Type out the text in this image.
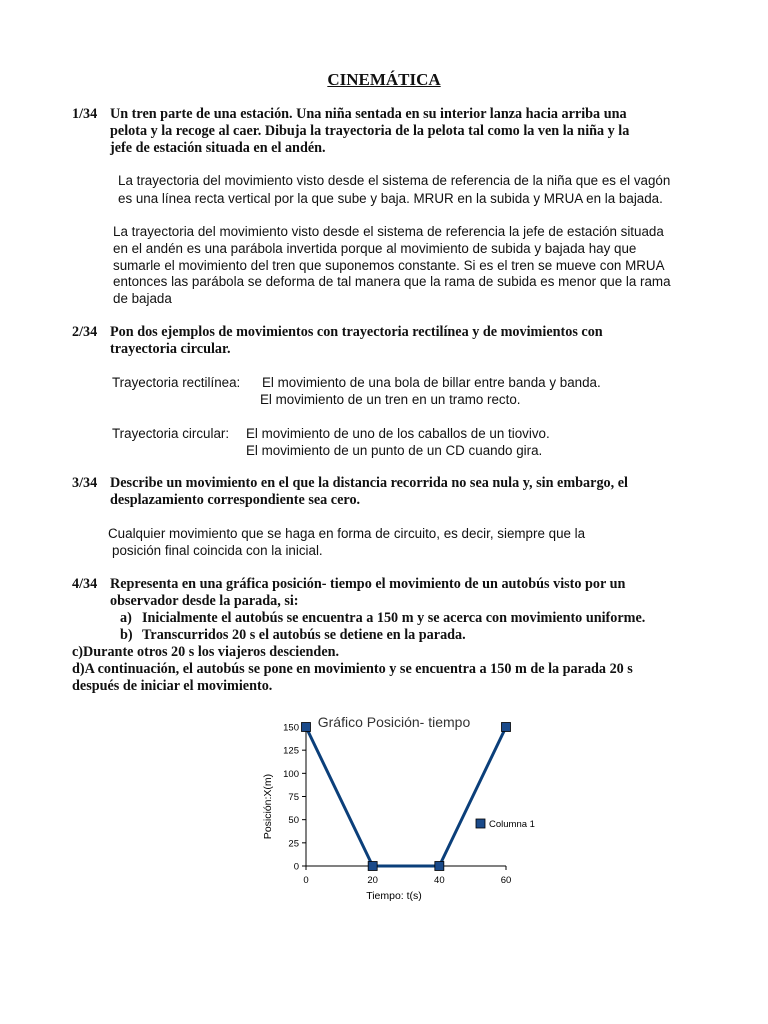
CINEMÁTICA
1/34 Un tren parte de una estación. Una niña sentada en su interior lanza hacia arriba una
pelota y la recoge al caer. Dibuja la trayectoria de la pelota tal como la ven la niña y la
jefe de estación situada en el andén.
La trayectoria del movimiento visto desde el sistema de referencia de la niña que es el vagón
es una línea recta vertical por la que sube y baja. MRUR en la subida y MRUA en la bajada.
La trayectoria del movimiento visto desde el sistema de referencia la jefe de estación situada
en el andén es una parábola invertida porque al movimiento de subida y bajada hay que
sumarle el movimiento del tren que suponemos constante. Si es el tren se mueve con MRUA
entonces las parábola se deforma de tal manera que la rama de subida es menor que la rama
de bajada
2/34 Pon dos ejemplos de movimientos con trayectoria rectilínea y de movimientos con
trayectoria circular.
Trayectoria rectilínea: El movimiento de una bola de billar entre banda y banda.
El movimiento de un tren en un tramo recto.
Trayectoria circular: El movimiento de uno de los caballos de un tiovivo.
El movimiento de un punto de un CD cuando gira.
3/34 Describe un movimiento en el que la distancia recorrida no sea nula y, sin embargo, el
desplazamiento correspondiente sea cero.
Cualquier movimiento que se haga en forma de circuito, es decir, siempre que la
posición final coincida con la inicial.
4/34 Representa en una gráfica posición- tiempo el movimiento de un autobús visto por un
observador desde la parada, si:
a) Inicialmente el autobús se encuentra a 150 m y se acerca con movimiento uniforme.
b) Transcurridos 20 s el autobús se detiene en la parada.
c)Durante otros 20 s los viajeros descienden.
d)A continuación, el autobús se pone en movimiento y se encuentra a 150 m de la parada 20 s
después de iniciar el movimiento.
0
25
50
75
100
125
150
0	20	40	60
Gráfico Posición- tiempo
Tiempo: t(s)
Posición:X(m)	Columna 1
